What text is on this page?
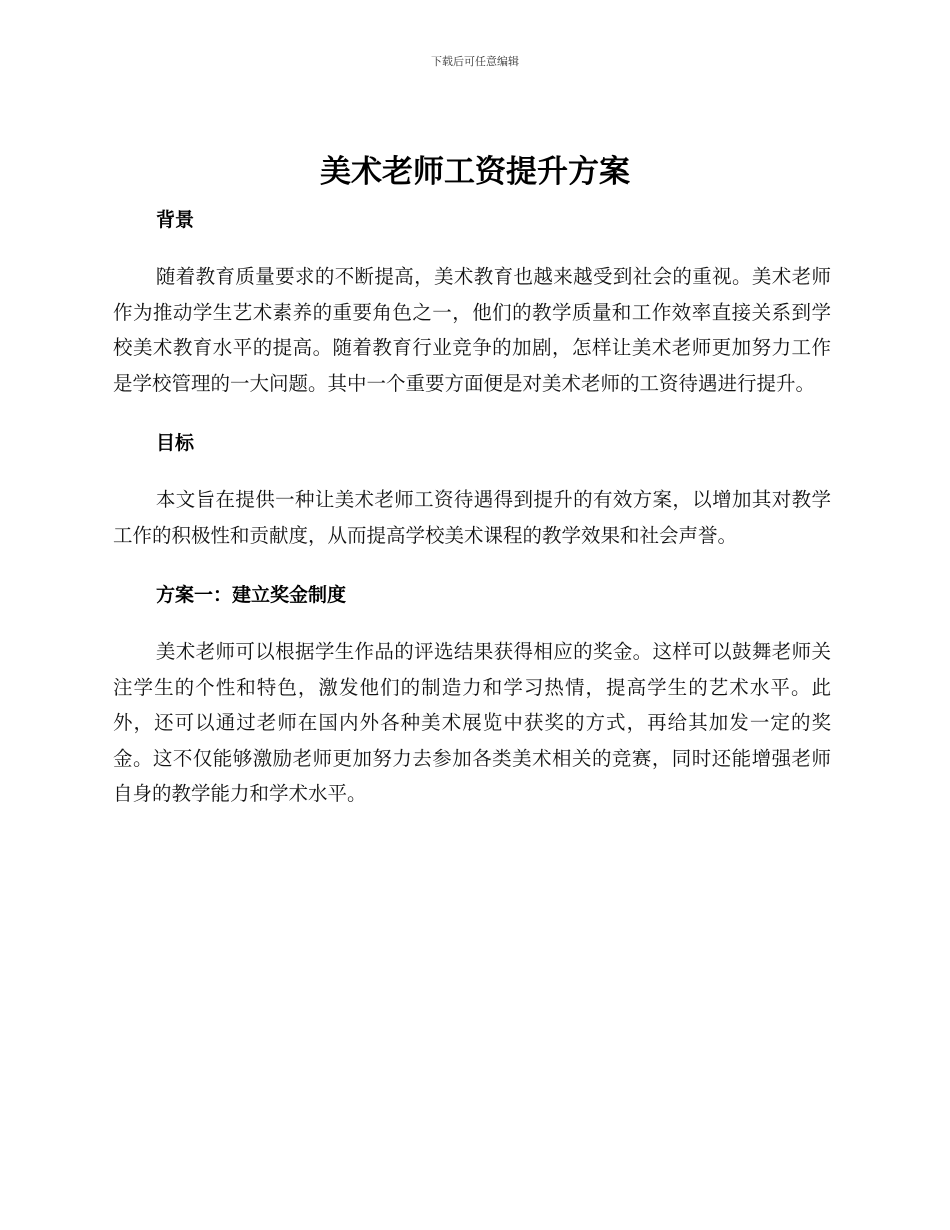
下载后可任意编辑
美术老师工资提升方案
背景

随着教育质量要求的不断提高，美术教育也越来越受到社会的重视。美术老师作为推动学生艺术素养的重要角色之一，他们的教学质量和工作效率直接关系到学校美术教育水平的提高。随着教育行业竞争的加剧，怎样让美术老师更加努力工作是学校管理的一大问题。其中一个重要方面便是对美术老师的工资待遇进行提升。

目标

本文旨在提供一种让美术老师工资待遇得到提升的有效方案，以增加其对教学工作的积极性和贡献度，从而提高学校美术课程的教学效果和社会声誉。

方案一：建立奖金制度

美术老师可以根据学生作品的评选结果获得相应的奖金。这样可以鼓舞老师关注学生的个性和特色，激发他们的制造力和学习热情，提高学生的艺术水平。此外，还可以通过老师在国内外各种美术展览中获奖的方式，再给其加发一定的奖金。这不仅能够激励老师更加努力去参加各类美术相关的竞赛，同时还能增强老师自身的教学能力和学术水平。
